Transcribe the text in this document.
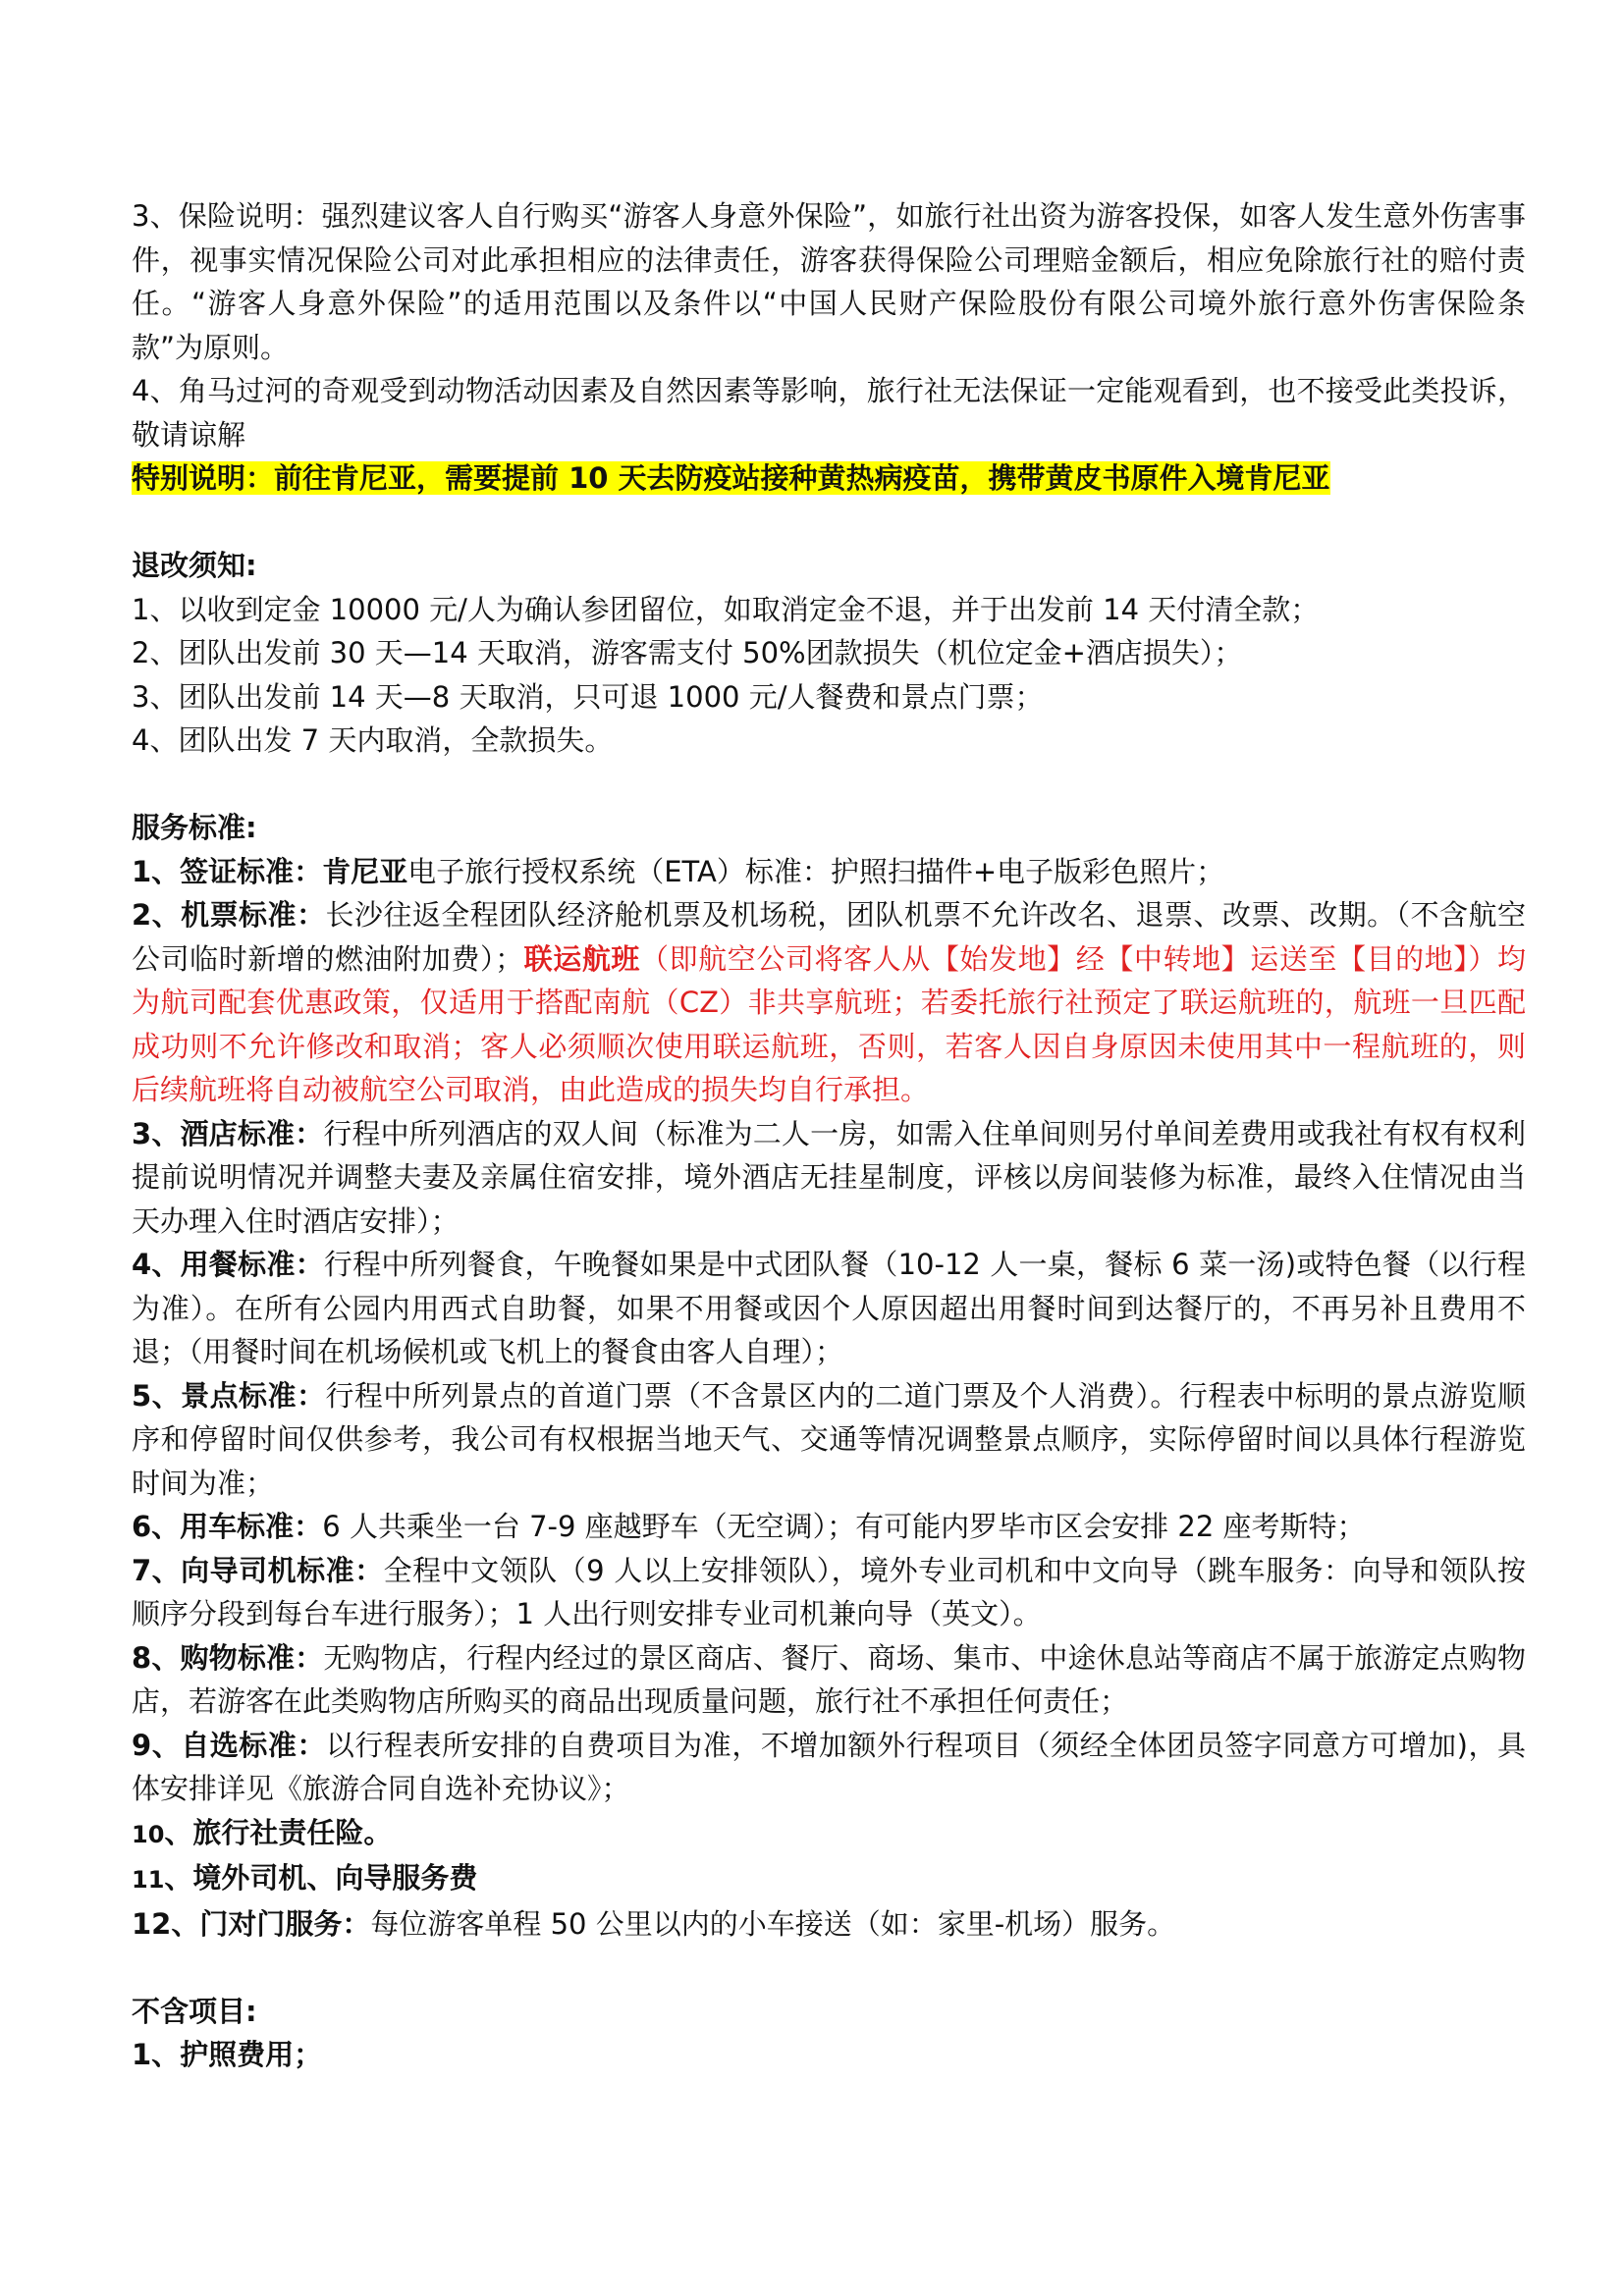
3、保险说明：强烈建议客人自行购买“游客人身意外保险”，如旅行社出资为游客投保，如客人发生意外伤害事件，视事实情况保险公司对此承担相应的法律责任，游客获得保险公司理赔金额后，相应免除旅行社的赔付责任。“游客人身意外保险”的适用范围以及条件以“中国人民财产保险股份有限公司境外旅行意外伤害保险条款”为原则。

4、角马过河的奇观受到动物活动因素及自然因素等影响，旅行社无法保证一定能观看到，也不接受此类投诉，敬请谅解

特别说明：前往肯尼亚，需要提前 10 天去防疫站接种黄热病疫苗，携带黄皮书原件入境肯尼亚

退改须知:

1、以收到定金 10000 元/人为确认参团留位，如取消定金不退，并于出发前 14 天付清全款；

2、团队出发前 30 天—14 天取消，游客需支付 50%团款损失（机位定金+酒店损失）；

3、团队出发前 14 天—8 天取消，只可退 1000 元/人餐费和景点门票；

4、团队出发 7 天内取消，全款损失。

服务标准:

1、签证标准：肯尼亚电子旅行授权系统（ETA）标准：护照扫描件+电子版彩色照片；

2、机票标准：长沙往返全程团队经济舱机票及机场税，团队机票不允许改名、退票、改票、改期。（不含航空公司临时新增的燃油附加费）；联运航班（即航空公司将客人从【始发地】经【中转地】运送至【目的地】）均为航司配套优惠政策，仅适用于搭配南航（CZ）非共享航班；若委托旅行社预定了联运航班的，航班一旦匹配成功则不允许修改和取消；客人必须顺次使用联运航班，否则，若客人因自身原因未使用其中一程航班的，则后续航班将自动被航空公司取消，由此造成的损失均自行承担。

3、酒店标准：行程中所列酒店的双人间（标准为二人一房，如需入住单间则另付单间差费用或我社有权有权利提前说明情况并调整夫妻及亲属住宿安排，境外酒店无挂星制度，评核以房间装修为标准，最终入住情况由当天办理入住时酒店安排）；

4、用餐标准：行程中所列餐食，午晚餐如果是中式团队餐（10-12 人一桌，餐标 6 菜一汤)或特色餐（以行程为准）。在所有公园内用西式自助餐，如果不用餐或因个人原因超出用餐时间到达餐厅的，不再另补且费用不退；（用餐时间在机场候机或飞机上的餐食由客人自理）；

5、景点标准：行程中所列景点的首道门票（不含景区内的二道门票及个人消费）。行程表中标明的景点游览顺序和停留时间仅供参考，我公司有权根据当地天气、交通等情况调整景点顺序，实际停留时间以具体行程游览时间为准；

6、用车标准：6 人共乘坐一台 7-9 座越野车（无空调）；有可能内罗毕市区会安排 22 座考斯特；

7、向导司机标准：全程中文领队（9 人以上安排领队），境外专业司机和中文向导（跳车服务：向导和领队按顺序分段到每台车进行服务）；1 人出行则安排专业司机兼向导（英文）。

8、购物标准：无购物店，行程内经过的景区商店、餐厅、商场、集市、中途休息站等商店不属于旅游定点购物店，若游客在此类购物店所购买的商品出现质量问题，旅行社不承担任何责任；

9、自选标准：以行程表所安排的自费项目为准，不增加额外行程项目（须经全体团员签字同意方可增加)，具体安排详见《旅游合同自选补充协议》；

10、旅行社责任险。

11、境外司机、向导服务费

12、门对门服务：每位游客单程 50 公里以内的小车接送（如：家里-机场）服务。

不含项目:

1、护照费用；
